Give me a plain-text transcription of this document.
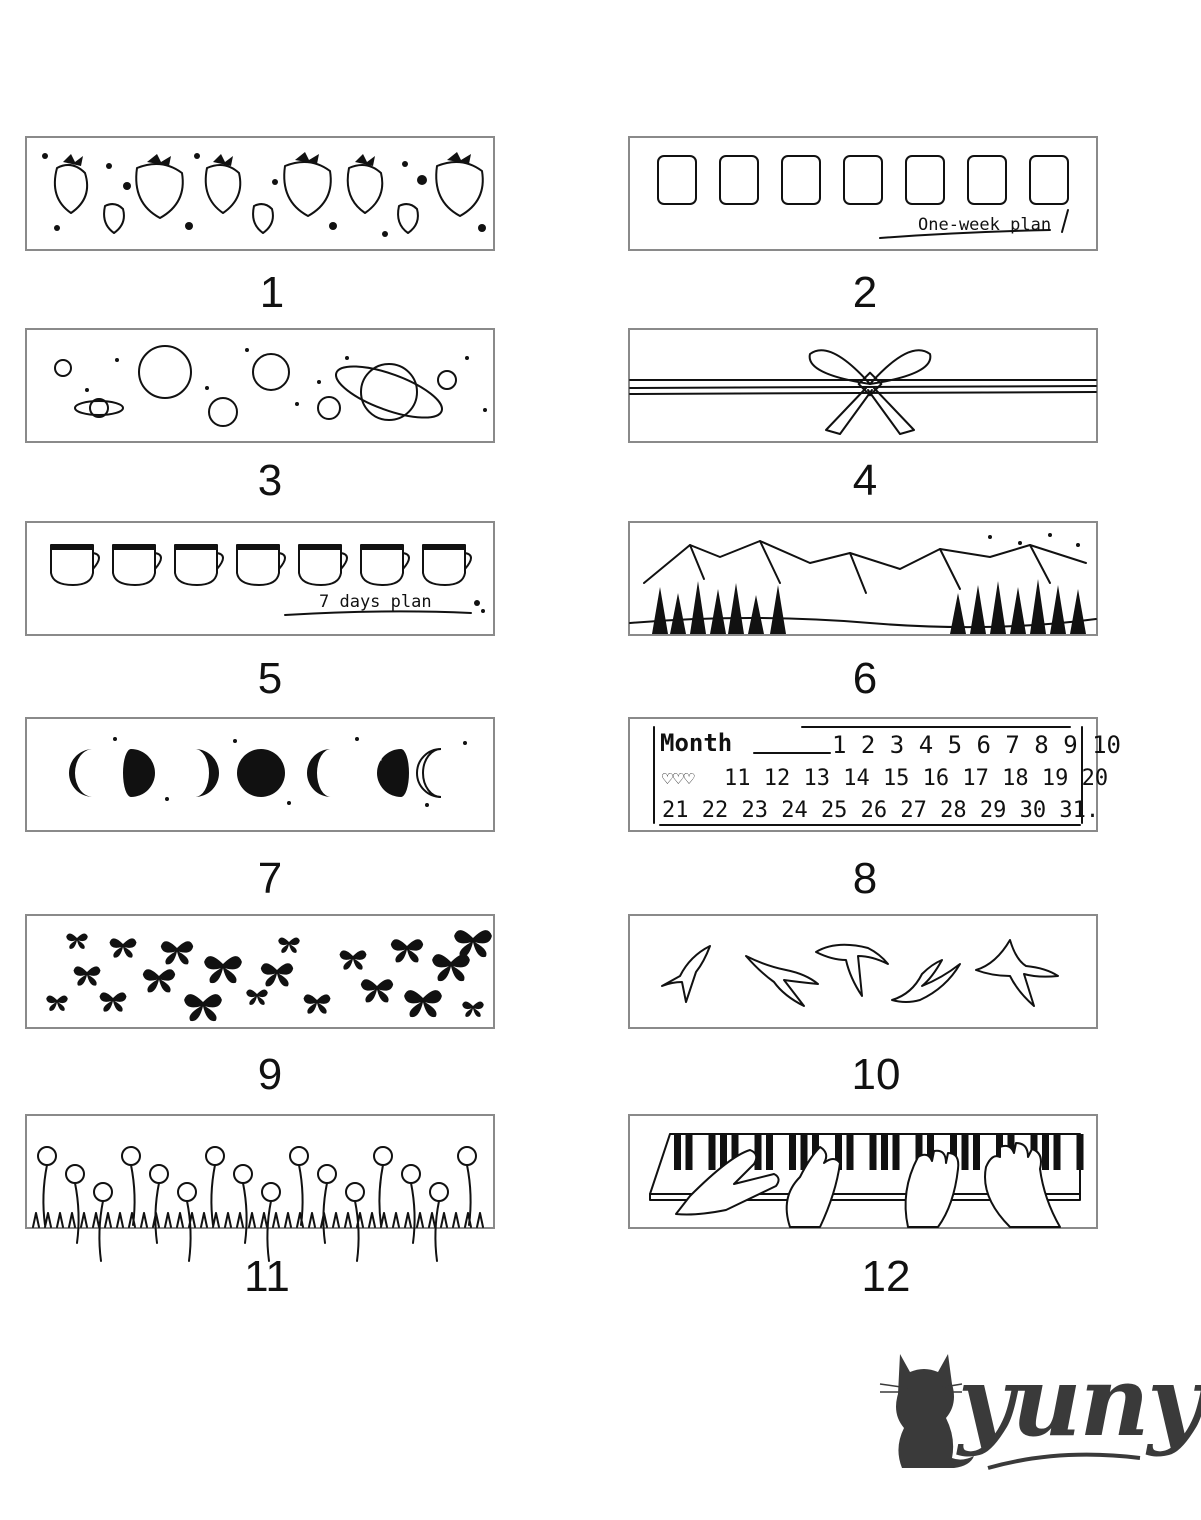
1
One-week plan
2
3	4
7 days plan
5	6
7
Month	1 2 3 4 5 6 7 8 9 10
♡♡♡ 11 12 13 14 15 16 17 18 19 20
21 22 23 24 25 26 27 28 29 30 31.
8
9	10
11	12
yuny
